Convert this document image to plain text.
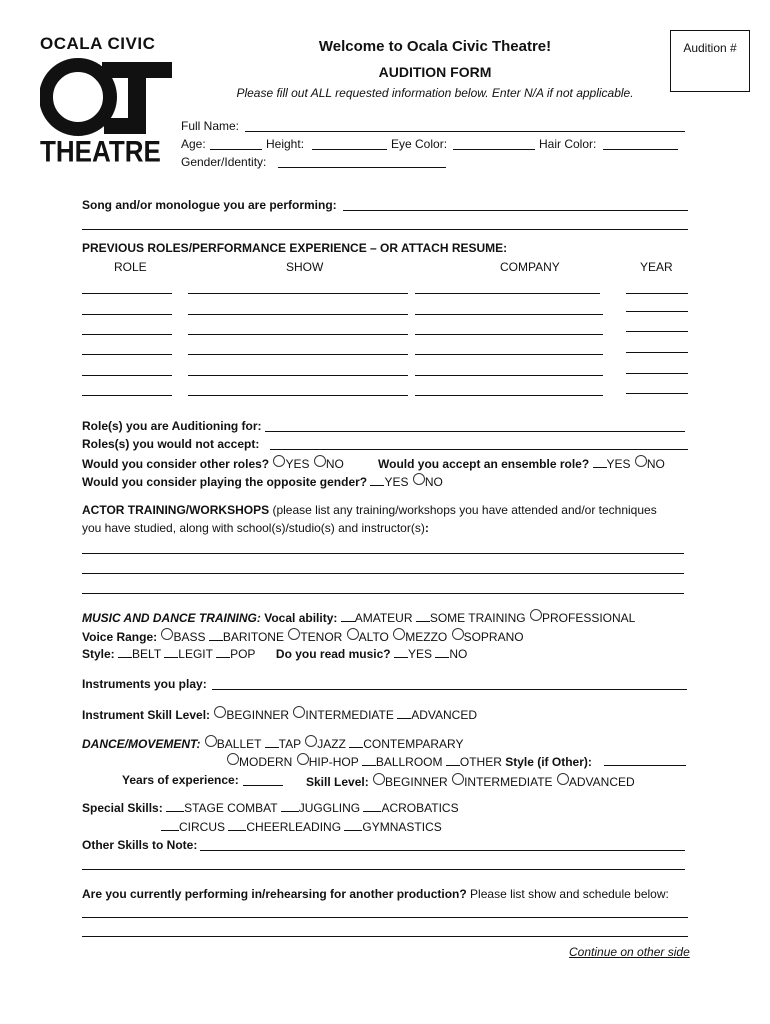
OCALA CIVIC
THEATRE
Welcome to Ocala Civic Theatre!
AUDITION FORM
Please fill out ALL requested information below. Enter N/A if not applicable.
Audition #
Full Name:
Age:	Height:	Eye Color:	Hair Color:
Gender/Identity:
Song and/or monologue you are performing:
PREVIOUS ROLES/PERFORMANCE EXPERIENCE – OR ATTACH RESUME:
ROLE	SHOW	COMPANY	YEAR
Role(s) you are Auditioning for:
Roles(s) you would not accept:
Would you consider other roles? YES NO	Would you accept an ensemble role? YES NO
Would you consider playing the opposite gender? YES NO
ACTOR TRAINING/WORKSHOPS (please list any training/workshops you have attended and/or techniques
you have studied, along with school(s)/studio(s) and instructor(s):
MUSIC AND DANCE TRAINING: Vocal ability: AMATEUR SOME TRAINING PROFESSIONAL
Voice Range: BASS BARITONE TENOR ALTO MEZZO SOPRANO
Style: BELT LEGIT POP Do you read music? YES NO
Instruments you play:
Instrument Skill Level: BEGINNER INTERMEDIATE ADVANCED
DANCE/MOVEMENT: BALLET TAP JAZZ CONTEMPARARY
MODERN HIP-HOP BALLROOM OTHER Style (if Other):
Years of experience:	Skill Level: BEGINNER INTERMEDIATE ADVANCED
Special Skills: STAGE COMBAT JUGGLING ACROBATICS
CIRCUS CHEERLEADING GYMNASTICS
Other Skills to Note:
Are you currently performing in/rehearsing for another production? Please list show and schedule below:
Continue on other side
